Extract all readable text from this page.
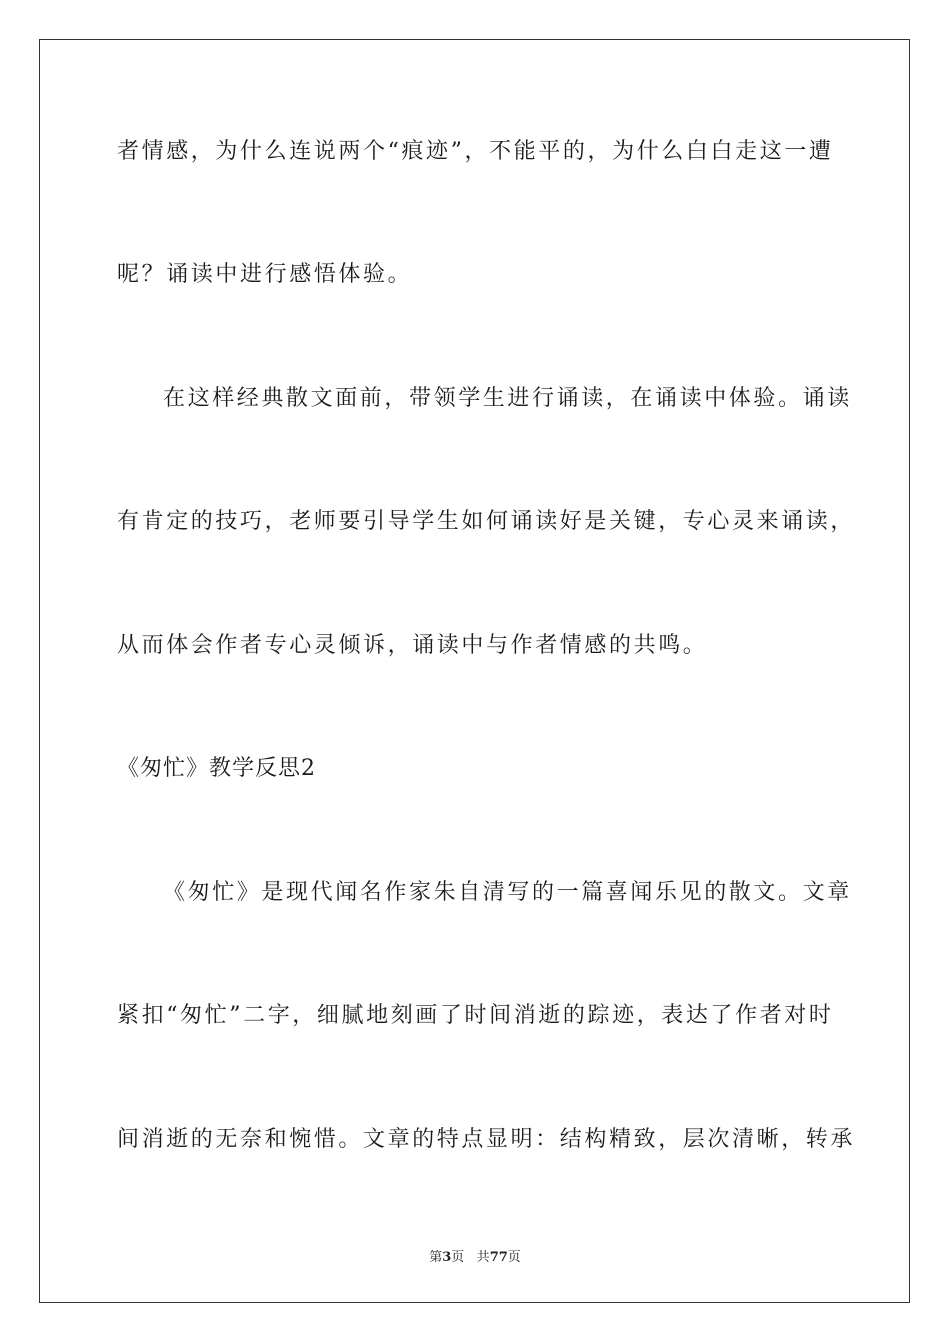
者情感，为什么连说两个“痕迹”，不能平的，为什么白白走这一遭
呢？诵读中进行感悟体验。
在这样经典散文面前，带领学生进行诵读，在诵读中体验。诵读
有肯定的技巧，老师要引导学生如何诵读好是关键，专心灵来诵读，
从而体会作者专心灵倾诉，诵读中与作者情感的共鸣。
《匆忙》教学反思2
《匆忙》是现代闻名作家朱自清写的一篇喜闻乐见的散文。文章
紧扣“匆忙”二字，细腻地刻画了时间消逝的踪迹，表达了作者对时
间消逝的无奈和惋惜。文章的特点显明：结构精致，层次清晰，转承
第3页 共77页
